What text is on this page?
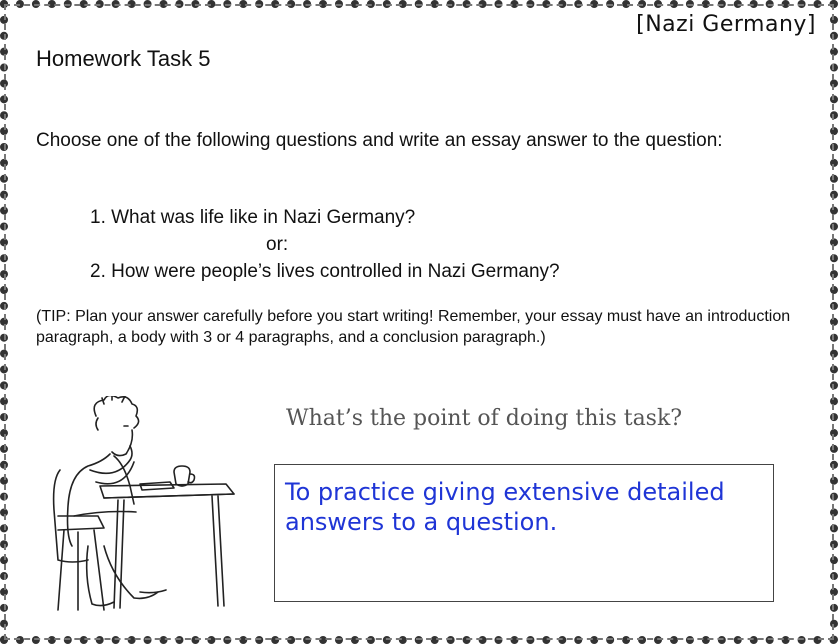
[Nazi Germany]
Homework Task 5
Choose one of the following questions and write an essay answer to the question:
1. What was life like in Nazi Germany?
or:
2. How were people’s lives controlled in Nazi Germany?
(TIP: Plan your answer carefully before you start writing! Remember, your essay must have an introduction paragraph, a body with 3 or 4 paragraphs, and a conclusion paragraph.)
What’s the point of doing this task?
To practice giving extensive detailed answers to a question.
